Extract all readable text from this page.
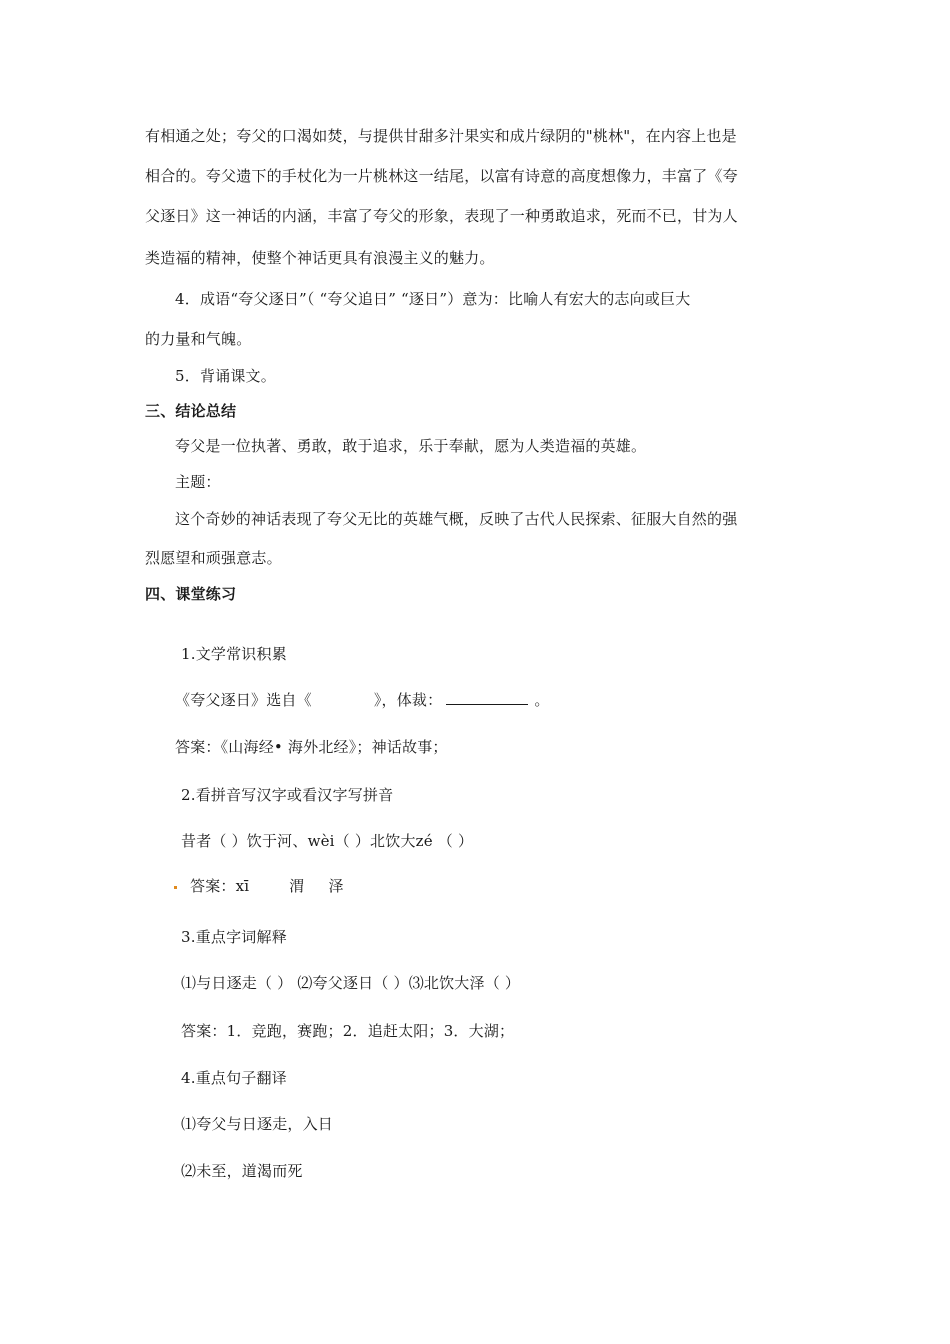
有相通之处；夸父的口渴如焚，与提供甘甜多汁果实和成片绿阴的"桃林"，在内容上也是
相合的。夸父遗下的手杖化为一片桃林这一结尾，以富有诗意的高度想像力，丰富了《夸
父逐日》这一神话的内涵，丰富了夸父的形象，表现了一种勇敢追求，死而不已，甘为人
类造福的精神，使整个神话更具有浪漫主义的魅力。
4．成语“夸父逐日”（ “夸父追日” “逐日”）意为：比喻人有宏大的志向或巨大
的力量和气魄。
5．背诵课文。
三、结论总结
夸父是一位执著、勇敢，敢于追求，乐于奉献，愿为人类造福的英雄。
主题：
这个奇妙的神话表现了夸父无比的英雄气概，反映了古代人民探索、征服大自然的强
烈愿望和顽强意志。
四、课堂练习
1.文学常识积累
《夸父逐日》选自《	》，体裁：	。
答案：《山海经• 海外北经》；神话故事；
2.看拼音写汉字或看汉字写拼音
昔者（ ）饮于河、wèi（ ）北饮大zé （ ）
答案：xī	渭 泽
3.重点字词解释
⑴与日逐走（ ） ⑵夸父逐日（ ）⑶北饮大泽（ ）
答案：1．竞跑，赛跑；2．追赶太阳；3．大湖；
4.重点句子翻译
⑴夸父与日逐走，入日
⑵未至，道渴而死
